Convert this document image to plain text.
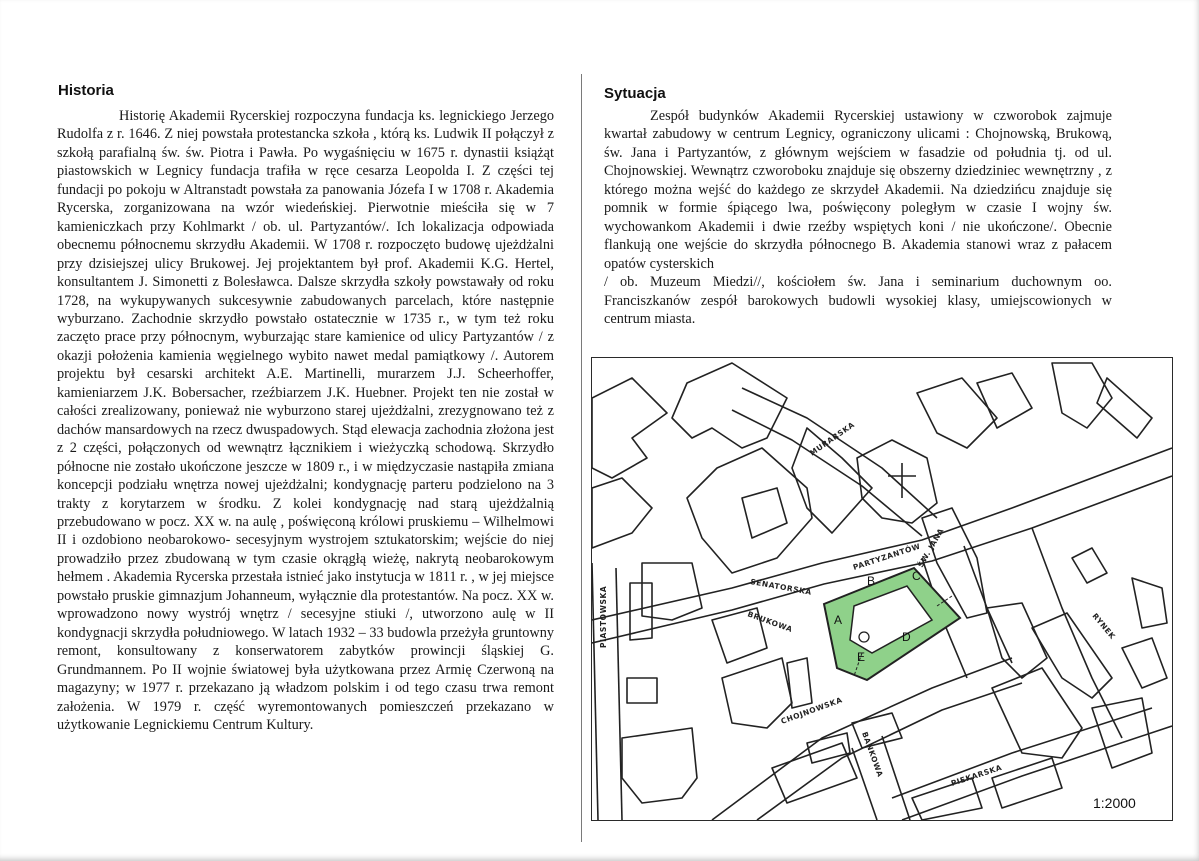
Historia	Sytuacja

Historię Akademii Rycerskiej rozpoczyna fundacja ks. legnickiego Jerzego Rudolfa z r. 1646. Z niej powstała protestancka szkoła , którą ks. Ludwik II połączył z szkołą parafialną św. św. Piotra i Pawła. Po wygaśnięciu w 1675 r. dynastii książąt piastowskich w Legnicy fundacja trafiła w ręce cesarza Leopolda I. Z części tej fundacji po pokoju w Altranstadt powstała za panowania Józefa I w 1708 r. Akademia Rycerska, zorganizowana na wzór wiedeńskiej. Pierwotnie mieściła się w 7 kamieniczkach przy Kohlmarkt / ob. ul. Partyzantów/. Ich lokalizacja odpowiada obecnemu północnemu skrzydłu Akademii. W 1708 r. rozpoczęto budowę ujeżdżalni przy dzisiejszej ulicy Brukowej. Jej projektantem był prof. Akademii K.G. Hertel, konsultantem J. Simonetti z Bolesławca. Dalsze skrzydła szkoły powstawały od roku 1728, na wykupywanych sukcesywnie zabudowanych parcelach, które następnie wyburzano. Zachodnie skrzydło powstało ostatecznie w 1735 r., w tym też roku zaczęto prace przy północnym, wyburzając stare kamienice od ulicy Partyzantów / z okazji położenia kamienia węgielnego wybito nawet medal pamiątkowy /. Autorem projektu był cesarski architekt A.E. Martinelli, murarzem J.J. Scheerhoffer, kamieniarzem J.K. Bobersacher, rzeźbiarzem J.K. Huebner. Projekt ten nie został w całości zrealizowany, ponieważ nie wyburzono starej ujeżdżalni, zrezygnowano też z dachów mansardowych na rzecz dwuspadowych. Stąd elewacja zachodnia złożona jest z 2 części, połączonych od wewnątrz łącznikiem i wieżyczką schodową. Skrzydło północne nie zostało ukończone jeszcze w 1809 r., i w międzyczasie nastąpiła zmiana koncepcji podziału wnętrza nowej ujeżdżalni; kondygnację parteru podzielono na 3 trakty z korytarzem w środku. Z kolei kondygnację nad starą ujeżdżalnią przebudowano w pocz. XX w. na aulę , poświęconą królowi pruskiemu – Wilhelmowi II i ozdobiono neobarokowo- secesyjnym wystrojem sztukatorskim; wejście do niej prowadziło przez zbudowaną w tym czasie okrągłą wieżę, nakrytą neobarokowym hełmem . Akademia Rycerska przestała istnieć jako instytucja w 1811 r. , w jej miejsce powstało pruskie gimnazjum Johanneum, wyłącznie dla protestantów. Na pocz. XX w. wprowadzono nowy wystrój wnętrz / secesyjne stiuki /, utworzono aulę w II kondygnacji skrzydła południowego. W latach 1932 – 33 budowla przeżyła gruntowny remont, konsultowany z konserwatorem zabytków prowincji śląskiej G. Grundmannem. Po II wojnie światowej była użytkowana przez Armię Czerwoną na magazyny; w 1977 r. przekazano ją władzom polskim i od tego czasu trwa remont założenia. W 1979 r. część wyremontowanych pomieszczeń przekazano w użytkowanie Legnickiemu Centrum Kultury.

Zespół budynków Akademii Rycerskiej ustawiony w czworobok zajmuje kwartał zabudowy w centrum Legnicy, ograniczony ulicami : Chojnowską, Brukową, św. Jana i Partyzantów, z głównym wejściem w fasadzie od południa tj. od ul. Chojnowskiej. Wewnątrz czworoboku znajduje się obszerny dziedziniec wewnętrzny , z którego można wejść do każdego ze skrzydeł Akademii. Na dziedzińcu znajduje się pomnik w formie śpiącego lwa, poświęcony poległym w czasie I wojny św. wychowankom Akademii i dwie rzeźby wspiętych koni / nie ukończone/. Obecnie flankują one wejście do skrzydła północnego B. Akademia stanowi wraz z pałacem opatów cysterskich

/ ob. Muzeum Miedzi//, kościołem św. Jana i seminarium duchownym oo. Franciszkanów zespół barokowych budowli wysokiej klasy, umiejscowionych w centrum miasta.

A
B	C
D
E
MURARSKA
PARTYZANTÓW
ŚW. JANA
SENATORSKA
BRUKOWA
PIASTOWSKA	RYNEK
CHOJNOWSKA
BANKOWA	PIEKARSKA
1:2000
